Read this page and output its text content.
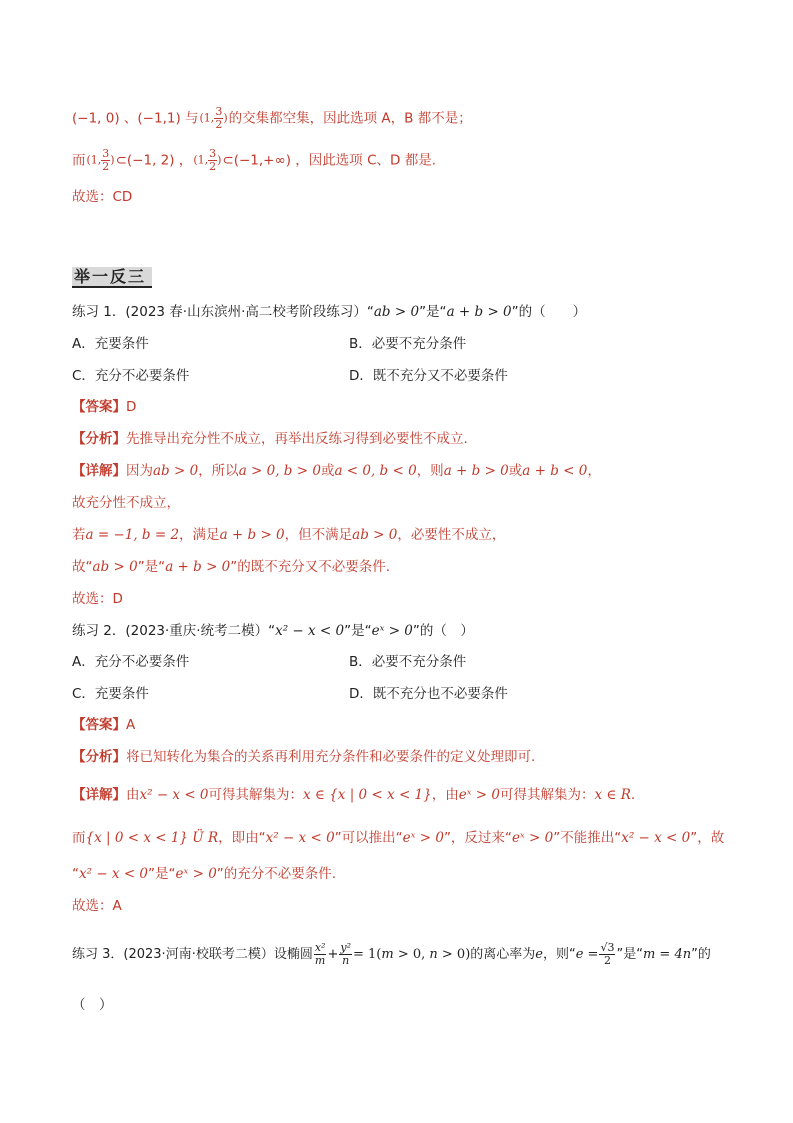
(−1, 0) 、(−1,1) 与(1, $\frac{3}{2}$ )的交集都空集，因此选项 A，B 都不是；
而(1, $\frac{3}{2}$ )⊂(−1, 2) ，(1, $\frac{3}{2}$ )⊂(−1,+∞) ，因此选项 C、D 都是.
故选：CD
举一反三
练习 1．(2023 春·山东滨州·高二校考阶段练习）“ab > 0”是“a + b > 0”的（　　）
A．充要条件	B．必要不充分条件
C．充分不必要条件	D．既不充分又不必要条件
【答案】D
【分析】先推导出充分性不成立，再举出反练习得到必要性不成立.
【详解】因为ab > 0，所以a > 0, b > 0或a < 0, b < 0，则a + b > 0或a + b < 0，
故充分性不成立，
若a = −1, b = 2，满足a + b > 0，但不满足ab > 0，必要性不成立，
故“ab > 0”是“a + b > 0”的既不充分又不必要条件.
故选：D
练习 2．(2023·重庆·统考二模）“x² − x < 0”是“eˣ > 0”的（　）
A．充分不必要条件	B．必要不充分条件
C．充要条件	D．既不充分也不必要条件
【答案】A
【分析】将已知转化为集合的关系再利用充分条件和必要条件的定义处理即可.
【详解】由x² − x < 0可得其解集为：x ∈ {x | 0 < x < 1}，由eˣ > 0可得其解集为：x ∈ R.
而{x | 0 < x < 1} Ü R，即由“x² − x < 0”可以推出“eˣ > 0”，反过来“eˣ > 0”不能推出“x² − x < 0”，故
“x² − x < 0”是“eˣ > 0”的充分不必要条件.
故选：A
练习 3．(2023·河南·校联考二模）设椭圆 $\frac{\text{x²}}{m} + \frac{\text{y²}}{n} = 1(m > 0$, n > 0)的离心率为e，则“$e = \frac{√3}{2}$ ”是“m = 4n”的
（　）
